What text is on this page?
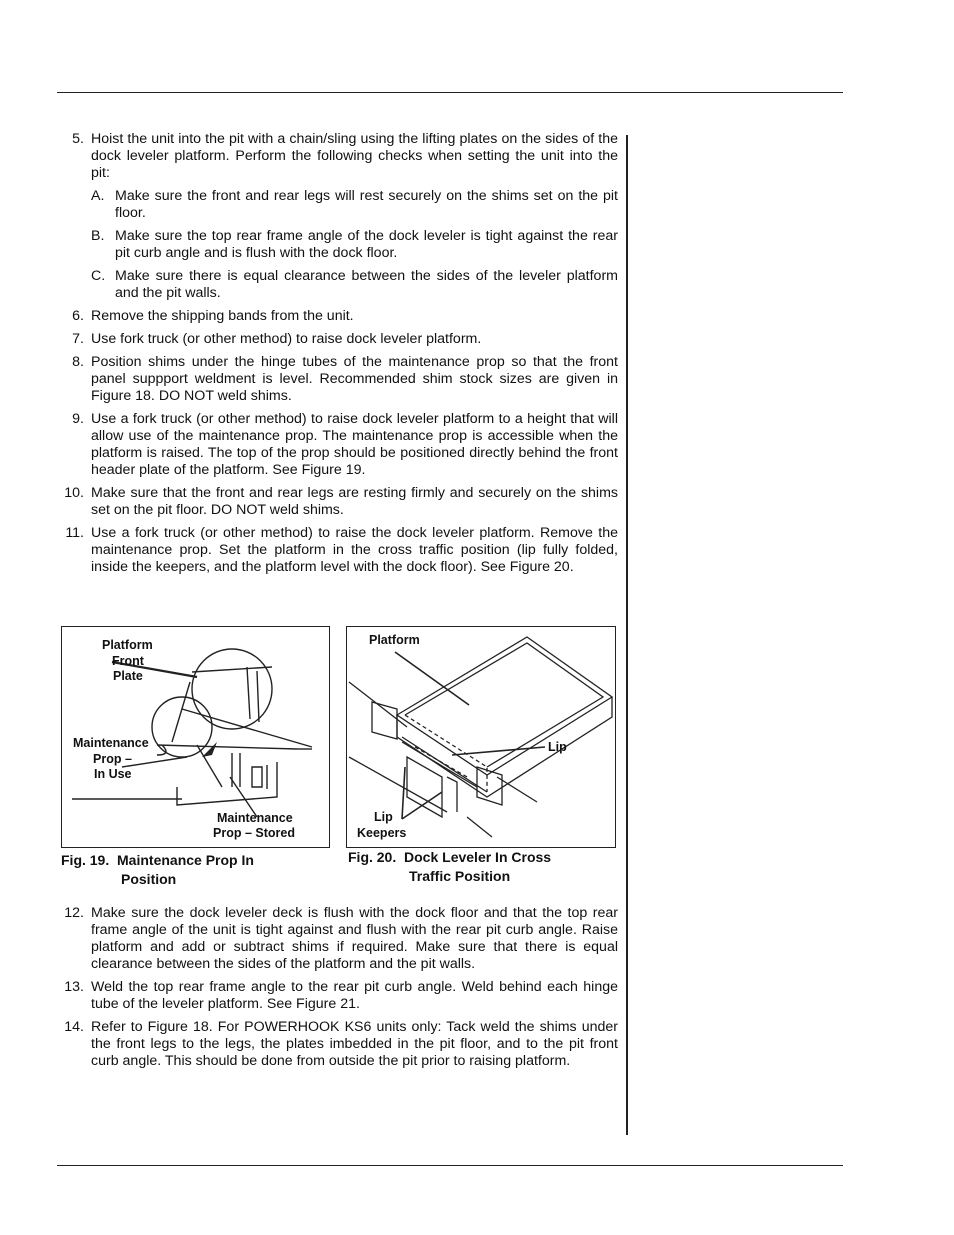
5. Hoist the unit into the pit with a chain/sling using the lifting plates on the sides of the dock leveler platform. Perform the following checks when setting the unit into the pit:
A. Make sure the front and rear legs will rest securely on the shims set on the pit floor.
B. Make sure the top rear frame angle of the dock leveler is tight against the rear pit curb angle and is flush with the dock floor.
C. Make sure there is equal clearance between the sides of the leveler platform and the pit walls.
6. Remove the shipping bands from the unit.
7. Use fork truck (or other method) to raise dock leveler platform.
8. Position shims under the hinge tubes of the maintenance prop so that the front panel suppport weldment is level. Recommended shim stock sizes are given in Figure 18. DO NOT weld shims.
9. Use a fork truck (or other method) to raise dock leveler platform to a height that will allow use of the maintenance prop. The maintenance prop is accessible when the platform is raised. The top of the prop should be positioned directly behind the front header plate of the platform. See Figure 19.
10. Make sure that the front and rear legs are resting firmly and securely on the shims set on the pit floor. DO NOT weld shims.
11. Use a fork truck (or other method) to raise the dock leveler platform. Remove the maintenance prop. Set the platform in the cross traffic position (lip fully folded, inside the keepers, and the platform level with the dock floor). See Figure 20.
Platform
Front
Plate
Maintenance
Prop –
In Use
Maintenance
Prop – Stored
Fig. 19.  Maintenance Prop In
Position
Platform
Lip
Lip
Keepers
Fig. 20.  Dock Leveler In Cross
Traffic Position
12. Make sure the dock leveler deck is flush with the dock floor and that the top rear frame angle of the unit is tight against and flush with the rear pit curb angle. Raise platform and add or subtract shims if required. Make sure that there is equal clearance between the sides of the platform and the pit walls.
13. Weld the top rear frame angle to the rear pit curb angle. Weld behind each hinge tube of the leveler platform. See Figure 21.
14. Refer to Figure 18. For POWERHOOK KS6 units only: Tack weld the shims under the front legs to the legs, the plates imbedded in the pit floor, and to the pit front curb angle. This should be done from outside the pit prior to raising platform.
